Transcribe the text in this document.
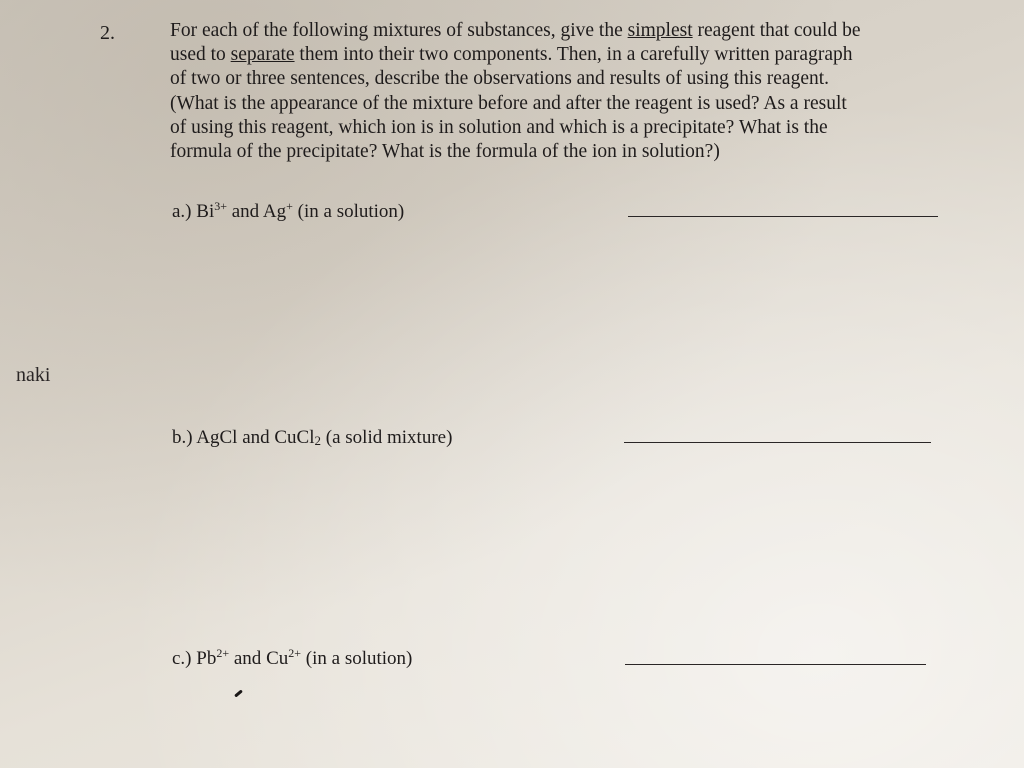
2.	For each of the following mixtures of substances, give the simplest reagent that could be
used to separate them into their two components. Then, in a carefully written paragraph
of two or three sentences, describe the observations and results of using this reagent.
(What is the appearance of the mixture before and after the reagent is used? As a result
of using this reagent, which ion is in solution and which is a precipitate? What is the
formula of the precipitate? What is the formula of the ion in solution?)
a.) $Bi^{3+}$ and Ag+ (in a solution)
b.) AgCl and CuCl$_2$ (a solid mixture)
c.) $Pb^{2+}$ and $Cu^{2+}$ (in a solution)
naki
